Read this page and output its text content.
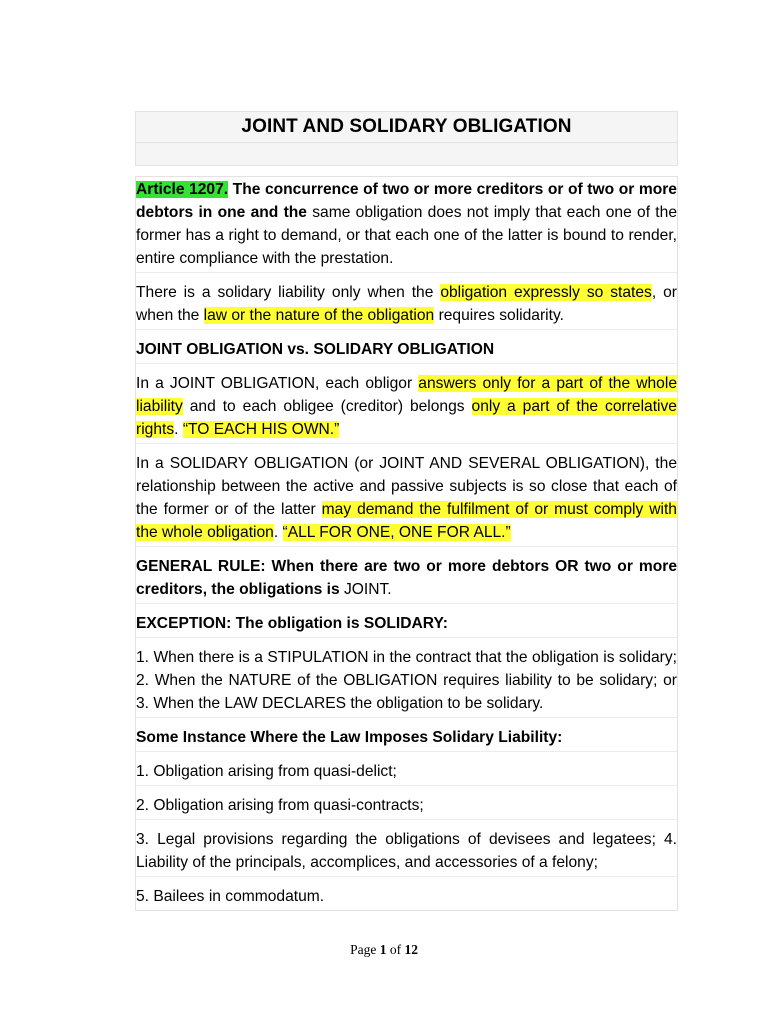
JOINT AND SOLIDARY OBLIGATION
Article 1207. The concurrence of two or more creditors or of two or more debtors in one and the same obligation does not imply that each one of the former has a right to demand, or that each one of the latter is bound to render, entire compliance with the prestation.
There is a solidary liability only when the obligation expressly so states, or when the law or the nature of the obligation requires solidarity.
JOINT OBLIGATION vs. SOLIDARY OBLIGATION
In a JOINT OBLIGATION, each obligor answers only for a part of the whole liability and to each obligee (creditor) belongs only a part of the correlative rights. “TO EACH HIS OWN.”
In a SOLIDARY OBLIGATION (or JOINT AND SEVERAL OBLIGATION), the relationship between the active and passive subjects is so close that each of the former or of the latter may demand the fulfilment of or must comply with the whole obligation. “ALL FOR ONE, ONE FOR ALL.”
GENERAL RULE: When there are two or more debtors OR two or more creditors, the obligations is JOINT.
EXCEPTION: The obligation is SOLIDARY:
1. When there is a STIPULATION in the contract that the obligation is solidary; 2. When the NATURE of the OBLIGATION requires liability to be solidary; or 3. When the LAW DECLARES the obligation to be solidary.
Some Instance Where the Law Imposes Solidary Liability:
1. Obligation arising from quasi-delict;
2. Obligation arising from quasi-contracts;
3. Legal provisions regarding the obligations of devisees and legatees; 4. Liability of the principals, accomplices, and accessories of a felony;
5. Bailees in commodatum.
Page 1 of 12
